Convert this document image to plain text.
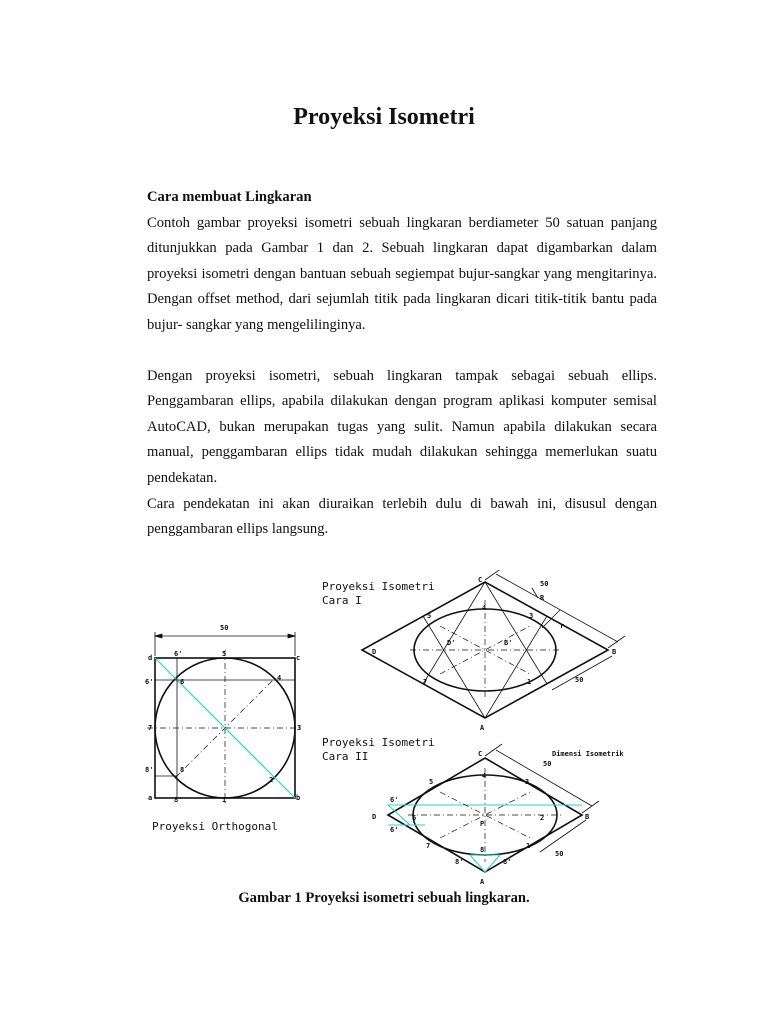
Proyeksi Isometri
Cara membuat Lingkaran

Contoh gambar proyeksi isometri sebuah lingkaran berdiameter 50 satuan panjang ditunjukkan pada Gambar 1 dan 2. Sebuah lingkaran dapat digambarkan dalam proyeksi isometri dengan bantuan sebuah segiempat bujur-sangkar yang mengitarinya. Dengan offset method, dari sejumlah titik pada lingkaran dicari titik-titik bantu pada bujur- sangkar yang mengelilinginya.

Dengan proyeksi isometri, sebuah lingkaran tampak sebagai sebuah ellips. Penggambaran ellips, apabila dilakukan dengan program aplikasi komputer semisal AutoCAD, bukan merupakan tugas yang sulit. Namun apabila dilakukan secara manual, penggambaran ellips tidak mudah dilakukan sehingga memerlukan suatu pendekatan.

Cara pendekatan ini akan diuraikan terlebih dulu di bawah ini, disusul dengan penggambaran ellips langsung.

50
d	c
a	b
5
1
7	3
4
2
6'
6'	6
8'	8
8'
Proyeksi Orthogonal
Proyeksi Isometri
Cara I
C
D	B
A
4
5	3
7	1
D'	B'
R
r
50
50
Proyeksi Isometri
Cara II	C
D	B
A
4
5	3
7	1
6	2
6'
6'
P
8
8'	8'
50
50
Dimensi Isometrik
Gambar 1 Proyeksi isometri sebuah lingkaran.
